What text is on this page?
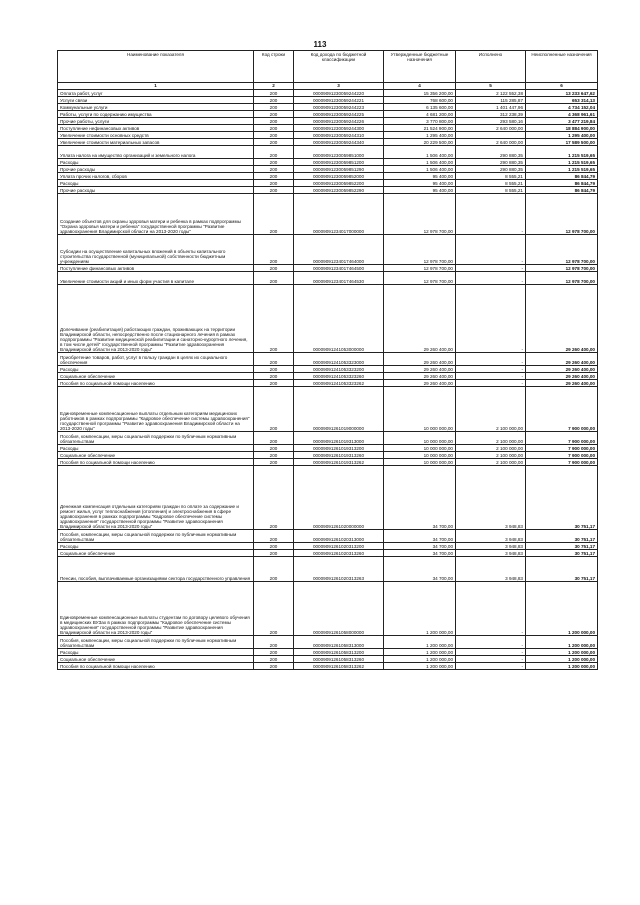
113
Наименование показателя	Код строки	Код дохода по бюджетной классификации	Утвержденные бюджетные назначения	Исполнено	Неисполненные назначения
1	2	3	4	5	6
Оплата работ, услуг	200	00009091230059244220	15 356 200,00	2 122 552,38	13 233 647,62
Услуги связи	200	00009091230059244221	768 600,00	115 285,87	653 314,13
Коммунальные услуги	200	00009091230059244223	6 135 600,00	1 401 447,96	4 734 152,04
Работы, услуги по содержанию имущества	200	00009091230059244225	4 681 200,00	312 238,39	4 368 961,61
Прочие работы, услуги	200	00009091230059244226	3 770 800,00	293 580,16	3 477 219,84
Поступление нефинансовых активов	200	00009091230059244300	21 524 900,00	2 640 000,00	18 884 900,00
Увеличение стоимости основных средств	200	00009091230059244310	1 295 400,00		1 295 400,00
Увеличение стоимости материальных запасов	200	00009091230059244340	20 229 500,00	2 640 000,00	17 589 500,00
Уплата налога на имущество организаций и земельного налога	200	00009091230059851000	1 506 400,00	290 880,35	1 215 519,65
Расходы	200	00009091230059851200	1 506 400,00	290 880,35	1 215 519,65
Прочие расходы	200	00009091230059851290	1 506 400,00	290 880,35	1 215 519,65
Уплата прочих налогов, сборов	200	00009091230059852000	95 400,00	8 555,21	86 844,79
Расходы	200	00009091230059852200	95 400,00	8 555,21	86 844,79
Прочие расходы	200	00009091230059852290	95 400,00	8 555,21	86 844,79
Создание объектов для охраны здоровья матери и ребенка в рамках подпрограммы "Охрана здоровья матери и ребенка" государственной программы "Развитие здравоохранения Владимирской области на 2013-2020 годы"	200	00009091234017000000	12 978 700,00	-	12 978 700,00
Субсидии на осуществление капитальных вложений в объекты капитального строительства государственной (муниципальной) собственности бюджетным учреждениям	200	00009091234017464000	12 978 700,00	-	12 978 700,00
Поступление финансовых активов	200	00009091234017464500	12 978 700,00	-	12 978 700,00
Увеличение стоимости акций и иных форм участия в капитале	200	00009091234017464530	12 978 700,00	-	12 978 700,00
Долечивание (реабилитация) работающих граждан, проживающих на территории Владимирской области, непосредственно после стационарного лечения в рамках подпрограммы "Развитие медицинской реабилитации и санаторно-курортного лечения, в том числе детей" государственной программы "Развитие здравоохранения Владимирской области на 2013-2020 годы"	200	00009091241053000000	29 260 400,00	-	29 260 400,00
Приобретение товаров, работ, услуг в пользу граждан в целях их социального обеспечения	200	00009091241053323000	29 260 400,00	-	29 260 400,00
Расходы	200	00009091241053323200	29 260 400,00	-	29 260 400,00
Социальное обеспечение	200	00009091241053323260	29 260 400,00	-	29 260 400,00
Пособия по социальной помощи населению	200	00009091241053323262	29 260 400,00	-	29 260 400,00
Единовременные компенсационные выплаты отдельным категориям медицинских работников в рамках подпрограммы "Кадровое обеспечение системы здравоохранения" государственной программы "Развитие здравоохранения Владимирской области на 2013-2020 годы"	200	00009091261019000000	10 000 000,00	2 100 000,00	7 900 000,00
Пособия, компенсации, меры социальной поддержки по публичным нормативным обязательствам	200	00009091261019313000	10 000 000,00	2 100 000,00	7 900 000,00
Расходы	200	00009091261019313200	10 000 000,00	2 100 000,00	7 900 000,00
Социальное обеспечение	200	00009091261019313260	10 000 000,00	2 100 000,00	7 900 000,00
Пособия по социальной помощи населению	200	00009091261019313262	10 000 000,00	2 100 000,00	7 900 000,00
Денежная компенсация отдельным категориям граждан по оплате за содержание и ремонт жилья, услуг теплоснабжения (отопления) и электроснабжения в сфере здравоохранения в рамках подпрограммы "Кадровое обеспечение системы здравоохранения" государственной программы "Развитие здравоохранения Владимирской области на 2013-2020 годы"	200	00009091261020000000	34 700,00	3 948,83	30 751,17
Пособия, компенсации, меры социальной поддержки по публичным нормативным обязательствам	200	00009091261020313000	34 700,00	3 948,83	30 751,17
Расходы	200	00009091261020313200	34 700,00	3 948,83	30 751,17
Социальное обеспечение	200	00009091261020313260	34 700,00	3 948,83	30 751,17
Пенсии, пособия, выплачиваемые организациями сектора государственного управления	200	00009091261020313263	34 700,00	3 948,83	30 751,17
Единовременные компенсационные выплаты студентам по договору целевого обучения в медицинских ВУЗах в рамках подпрограммы "Кадровое обеспечение системы здравоохранения" государственной программы "Развитие здравоохранения Владимирской области на 2013-2020 годы"	200	00009091261058000000	1 200 000,00	-	1 200 000,00
Пособия, компенсации, меры социальной поддержки по публичным нормативным обязательствам	200	00009091261058313000	1 200 000,00	-	1 200 000,00
Расходы	200	00009091261058313200	1 200 000,00	-	1 200 000,00
Социальное обеспечение	200	00009091261058313260	1 200 000,00	-	1 200 000,00
Пособия по социальной помощи населению	200	00009091261058313262	1 200 000,00	-	1 200 000,00
